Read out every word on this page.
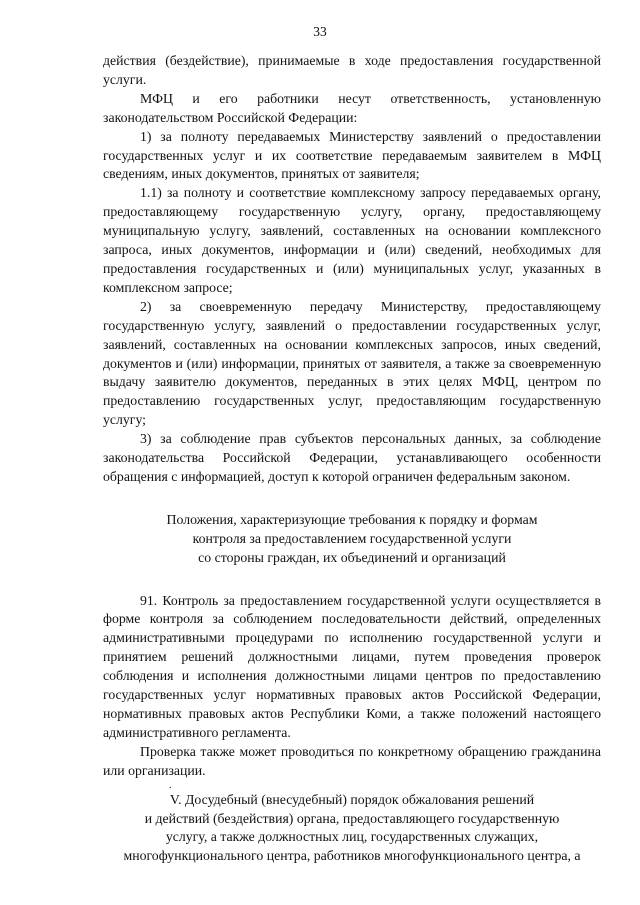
33

действия (бездействие), принимаемые в ходе предоставления государственной услуги.

МФЦ и его работники несут ответственность, установленную законодательством Российской Федерации:

1) за полноту передаваемых Министерству заявлений о предоставлении государственных услуг и их соответствие передаваемым заявителем в МФЦ сведениям, иных документов, принятых от заявителя;

1.1) за полноту и соответствие комплексному запросу передаваемых органу, предоставляющему государственную услугу, органу, предоставляющему муниципальную услугу, заявлений, составленных на основании комплексного запроса, иных документов, информации и (или) сведений, необходимых для предоставления государственных и (или) муниципальных услуг, указанных в комплексном запросе;

2) за своевременную передачу Министерству, предоставляющему государственную услугу, заявлений о предоставлении государственных услуг, заявлений, составленных на основании комплексных запросов, иных сведений, документов и (или) информации, принятых от заявителя, а также за своевременную выдачу заявителю документов, переданных в этих целях МФЦ, центром по предоставлению государственных услуг, предоставляющим государственную услугу;

3) за соблюдение прав субъектов персональных данных, за соблюдение законодательства Российской Федерации, устанавливающего особенности обращения с информацией, доступ к которой ограничен федеральным законом.

Положения, характеризующие требования к порядку и формам
контроля за предоставлением государственной услуги
со стороны граждан, их объединений и организаций

91. Контроль за предоставлением государственной услуги осуществляется в форме контроля за соблюдением последовательности действий, определенных административными процедурами по исполнению государственной услуги и принятием решений должностными лицами, путем проведения проверок соблюдения и исполнения должностными лицами центров по предоставлению государственных услуг нормативных правовых актов Российской Федерации, нормативных правовых актов Республики Коми, а также положений настоящего административного регламента.

Проверка также может проводиться по конкретному обращению гражданина или организации.

.
V. Досудебный (внесудебный) порядок обжалования решений
и действий (бездействия) органа, предоставляющего государственную
услугу, а также должностных лиц, государственных служащих,
многофункционального центра, работников многофункционального центра, а
